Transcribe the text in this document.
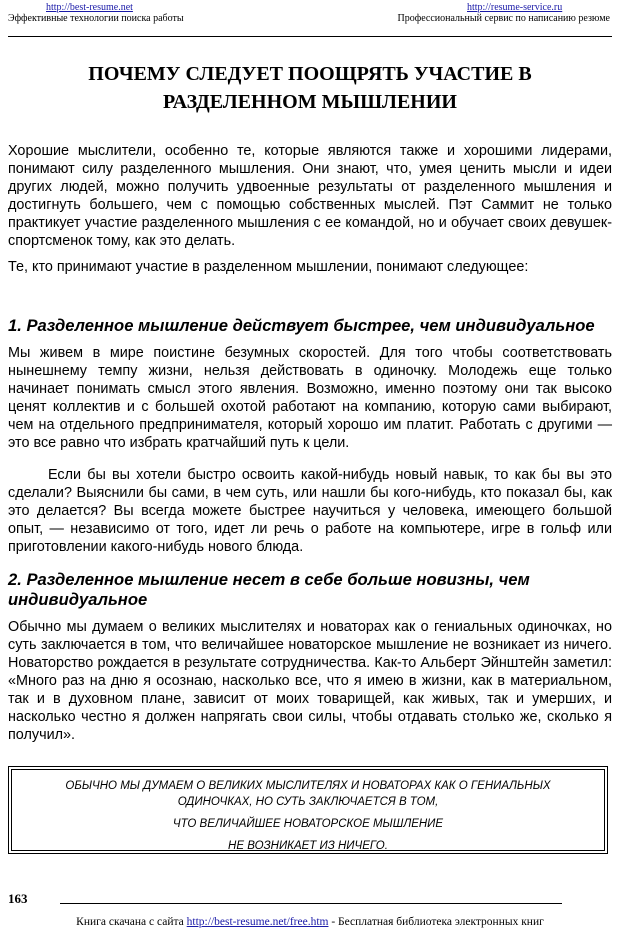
http://best-resume.net	http://resume-service.ru
Эффективные технологии поиска работы	Профессиональный сервис по написанию резюме
ПОЧЕМУ СЛЕДУЕТ ПООЩРЯТЬ УЧАСТИЕ В
РАЗДЕЛЕННОМ МЫШЛЕНИИ

Хорошие мыслители, особенно те, которые являются также и хорошими лидерами, понимают силу разделенного мышления. Они знают, что, умея ценить мысли и идеи других людей, можно получить удвоенные результаты от разделенного мышления и достигнуть большего, чем с помощью собственных мыслей. Пэт Саммит не только практикует участие разделенного мышления с ее командой, но и обучает своих девушек-спортсменок тому, как это делать.

Те, кто принимают участие в разделенном мышлении, понимают следующее:

1. Разделенное мышление действует быстрее, чем индивидуальное

Мы живем в мире поистине безумных скоростей. Для того чтобы соответствовать нынешнему темпу жизни, нельзя действовать в одиночку. Молодежь еще только начинает понимать смысл этого явления. Возможно, именно поэтому они так высоко ценят коллектив и с большей охотой работают на компанию, которую сами выбирают, чем на отдельного предпринимателя, который хорошо им платит. Работать с другими — это все равно что избрать кратчайший путь к цели.

Если бы вы хотели быстро освоить какой-нибудь новый навык, то как бы вы это сделали? Выяснили бы сами, в чем суть, или нашли бы кого-нибудь, кто показал бы, как это делается? Вы всегда можете быстрее научиться у человека, имеющего большой опыт, — независимо от того, идет ли речь о работе на компьютере, игре в гольф или приготовлении какого-нибудь нового блюда.

2. Разделенное мышление несет в себе больше новизны, чем индивидуальное

Обычно мы думаем о великих мыслителях и новаторах как о гениальных одиночках, но суть заключается в том, что величайшее новаторское мышление не возникает из ничего. Новаторство рождается в результате сотрудничества. Как-то Альберт Эйнштейн заметил: «Много раз на дню я осознаю, насколько все, что я имею в жизни, как в материальном, так и в духовном плане, зависит от моих товарищей, как живых, так и умерших, и насколько честно я должен напрягать свои силы, чтобы отдавать столько же, сколько я получил».

ОБЫЧНО МЫ ДУМАЕМ О ВЕЛИКИХ МЫСЛИТЕЛЯХ И НОВАТОРАХ КАК О ГЕНИАЛЬНЫХ
ОДИНОЧКАХ, НО СУТЬ ЗАКЛЮЧАЕТСЯ В ТОМ,
ЧТО ВЕЛИЧАЙШЕЕ НОВАТОРСКОЕ МЫШЛЕНИЕ
НЕ ВОЗНИКАЕТ ИЗ НИЧЕГО.
163
Книга скачана с сайта http://best-resume.net/free.htm - Бесплатная библиотека электронных книг
